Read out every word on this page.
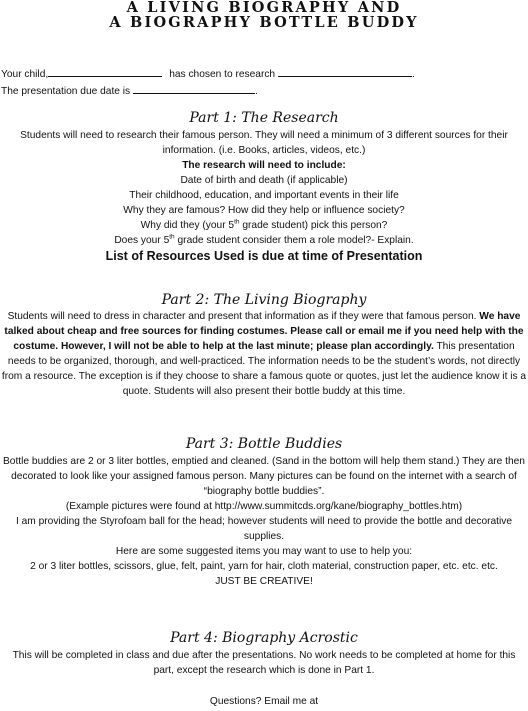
A LIVING BIOGRAPHY AND
A BIOGRAPHY BOTTLE BUDDY
Your child,	has chosen to research	.
The presentation due date is	.
Part 1: The Research
Students will need to research their famous person. They will need a minimum of 3 different sources for their information. (i.e. Books, articles, videos, etc.)
The research will need to include:
Date of birth and death (if applicable)
Their childhood, education, and important events in their life
Why they are famous? How did they help or influence society?
Why did they (your 5th grade student) pick this person?
Does your 5th grade student consider them a role model?- Explain.
List of Resources Used is due at time of Presentation
Part 2: The Living Biography
Students will need to dress in character and present that information as if they were that famous person. We have talked about cheap and free sources for finding costumes. Please call or email me if you need help with the costume. However, I will not be able to help at the last minute; please plan accordingly. This presentation needs to be organized, thorough, and well-practiced. The information needs to be the student’s words, not directly from a resource. The exception is if they choose to share a famous quote or quotes, just let the audience know it is a quote. Students will also present their bottle buddy at this time.
Part 3: Bottle Buddies
Bottle buddies are 2 or 3 liter bottles, emptied and cleaned. (Sand in the bottom will help them stand.) They are then decorated to look like your assigned famous person. Many pictures can be found on the internet with a search of “biography bottle buddies”.
(Example pictures were found at http://www.summitcds.org/kane/biography_bottles.htm)
I am providing the Styrofoam ball for the head; however students will need to provide the bottle and decorative supplies.
Here are some suggested items you may want to use to help you:
2 or 3 liter bottles, scissors, glue, felt, paint, yarn for hair, cloth material, construction paper, etc. etc. etc.
JUST BE CREATIVE!
Part 4: Biography Acrostic
This will be completed in class and due after the presentations. No work needs to be completed at home for this part, except the research which is done in Part 1.
Questions? Email me at
